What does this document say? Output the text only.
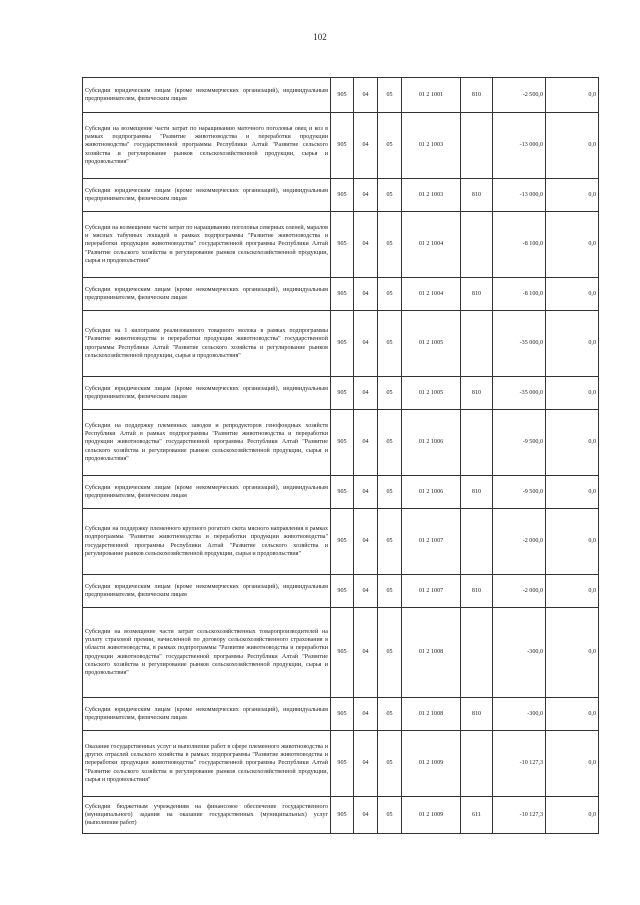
102
Субсидии юридическим лицам (кроме некоммерческих организаций), индивидуальным предпринимателям, физическим лицам	905	04	05	01 2 1001	810	-2 500,0	0,0
Субсидии на возмещение части затрат по наращиванию маточного поголовья овец и коз в рамках подпрограммы "Развитие животноводства и переработки продукции животноводства" государственной программы Республики Алтай "Развитие сельского хозяйства и регулирование рынков сельскохозяйственной продукции, сырья и продовольствия"	905	04	05	01 2 1003		-13 000,0	0,0
Субсидии юридическим лицам (кроме некоммерческих организаций), индивидуальным предпринимателям, физическим лицам	905	04	05	01 2 1003	810	-13 000,0	0,0
Субсидии на возмещение части затрат по наращиванию поголовья северных оленей, маралов и мясных табунных лошадей в рамках подпрограммы "Развитие животноводства и переработки продукции животноводства" государственной программы Республики Алтай "Развитие сельского хозяйства и регулирование рынков сельскохозяйственной продукции, сырья и продовольствия"	905	04	05	01 2 1004		-8 100,0	0,0
Субсидии юридическим лицам (кроме некоммерческих организаций), индивидуальным предпринимателям, физическим лицам	905	04	05	01 2 1004	810	-8 100,0	0,0
Субсидии на 1 килограмм реализованного товарного молока в рамках подпрограммы "Развитие животноводства и переработки продукции животноводства" государственной программы Республики Алтай "Развитие сельского хозяйства и регулирование рынков сельскохозяйственной продукции, сырья и продовольствия"	905	04	05	01 2 1005		-35 000,0	0,0
Субсидии юридическим лицам (кроме некоммерческих организаций), индивидуальным предпринимателям, физическим лицам	905	04	05	01 2 1005	810	-35 000,0	0,0
Субсидии на поддержку племенных заводов и репродукторов генофондных хозяйств Республики Алтай в рамках подпрограммы "Развитие животноводства и переработки продукции животноводства" государственной программы Республики Алтай "Развитие сельского хозяйства и регулирование рынков сельскохозяйственной продукции, сырья и продовольствия"	905	04	05	01 2 1006		-9 500,0	0,0
Субсидии юридическим лицам (кроме некоммерческих организаций), индивидуальным предпринимателям, физическим лицам	905	04	05	01 2 1006	810	-9 500,0	0,0
Субсидии на поддержку племенного крупного рогатого скота мясного направления в рамках подпрограммы "Развитие животноводства и переработки продукции животноводства" государственной программы Республики Алтай "Развитие сельского хозяйства и регулирование рынков сельскохозяйственной продукции, сырья и продовольствия"	905	04	05	01 2 1007		-2 000,0	0,0
Субсидии юридическим лицам (кроме некоммерческих организаций), индивидуальным предпринимателям, физическим лицам	905	04	05	01 2 1007	810	-2 000,0	0,0
Субсидии на возмещение части затрат сельскохозяйственных товаропроизводителей на уплату страховой премии, начисленной по договору сельскохозяйственного страхования в области животноводства, в рамках подпрограммы "Развитие животноводства и переработки продукции животноводства" государственной программы Республики Алтай "Развитие сельского хозяйства и регулирование рынков сельскохозяйственной продукции, сырья и продовольствия"	905	04	05	01 2 1008		-300,0	0,0
Субсидии юридическим лицам (кроме некоммерческих организаций), индивидуальным предпринимателям, физическим лицам	905	04	05	01 2 1008	810	-300,0	0,0
Оказание государственных услуг и выполнение работ в сфере племенного животноводства и других отраслей сельского хозяйства в рамках подпрограммы "Развитие животноводства и переработки продукции животноводства" государственной программы Республики Алтай "Развитие сельского хозяйства и регулирование рынков сельскохозяйственной продукции, сырья и продовольствия"	905	04	05	01 2 1009		-10 127,3	0,0
Субсидии бюджетным учреждениям на финансовое обеспечение государственного (муниципального) задания на оказание государственных (муниципальных) услуг (выполнение работ)	905	04	05	01 2 1009	611	-10 127,3	0,0
